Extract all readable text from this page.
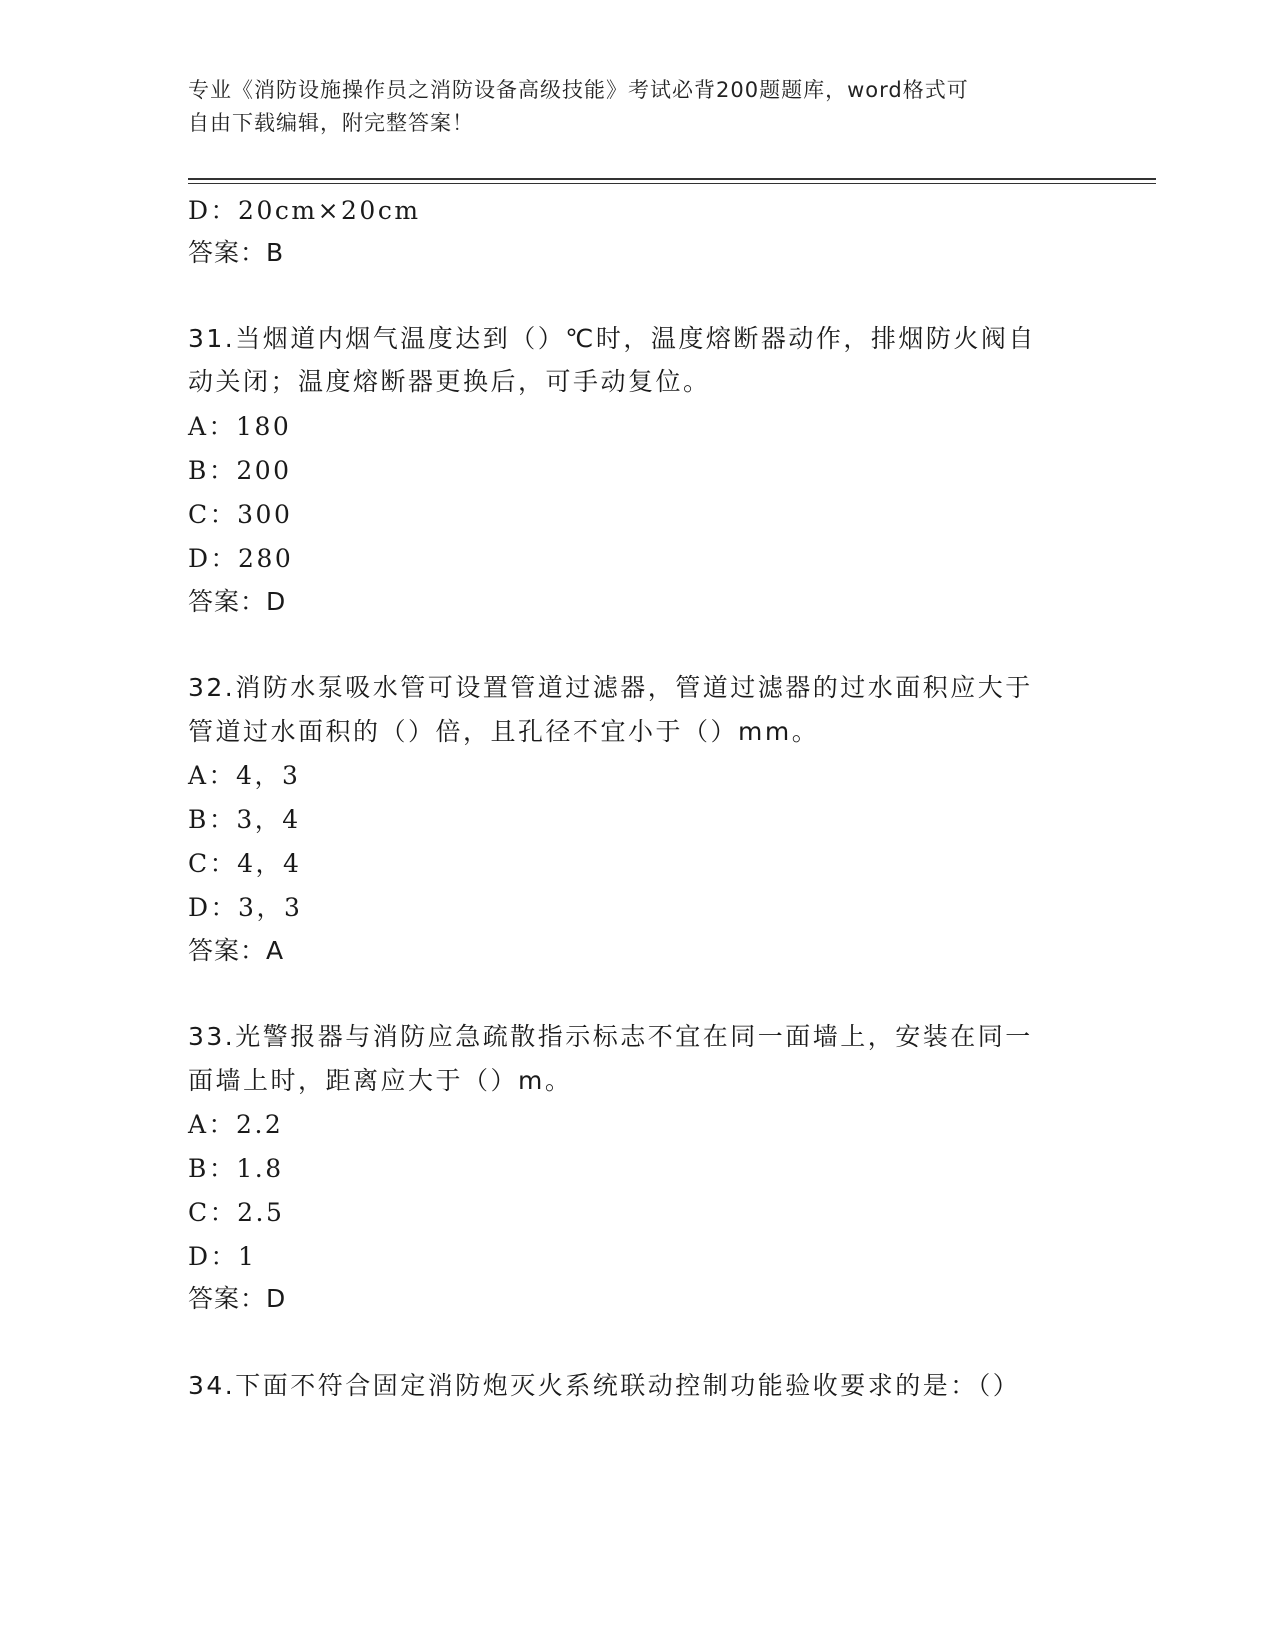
专业《消防设施操作员之消防设备高级技能》考试必背200题题库，word格式可
自由下载编辑，附完整答案！
D：20cm×20cm
答案：B
31.当烟道内烟气温度达到（）℃时，温度熔断器动作，排烟防火阀自
动关闭；温度熔断器更换后，可手动复位。
A：180
B：200
C：300
D：280
答案：D
32.消防水泵吸水管可设置管道过滤器，管道过滤器的过水面积应大于
管道过水面积的（）倍，且孔径不宜小于（）mm。
A：4，3
B：3，4
C：4，4
D：3，3
答案：A
33.光警报器与消防应急疏散指示标志不宜在同一面墙上，安装在同一
面墙上时，距离应大于（）m。
A：2.2
B：1.8
C：2.5
D：1
答案：D
34.下面不符合固定消防炮灭火系统联动控制功能验收要求的是：（）
